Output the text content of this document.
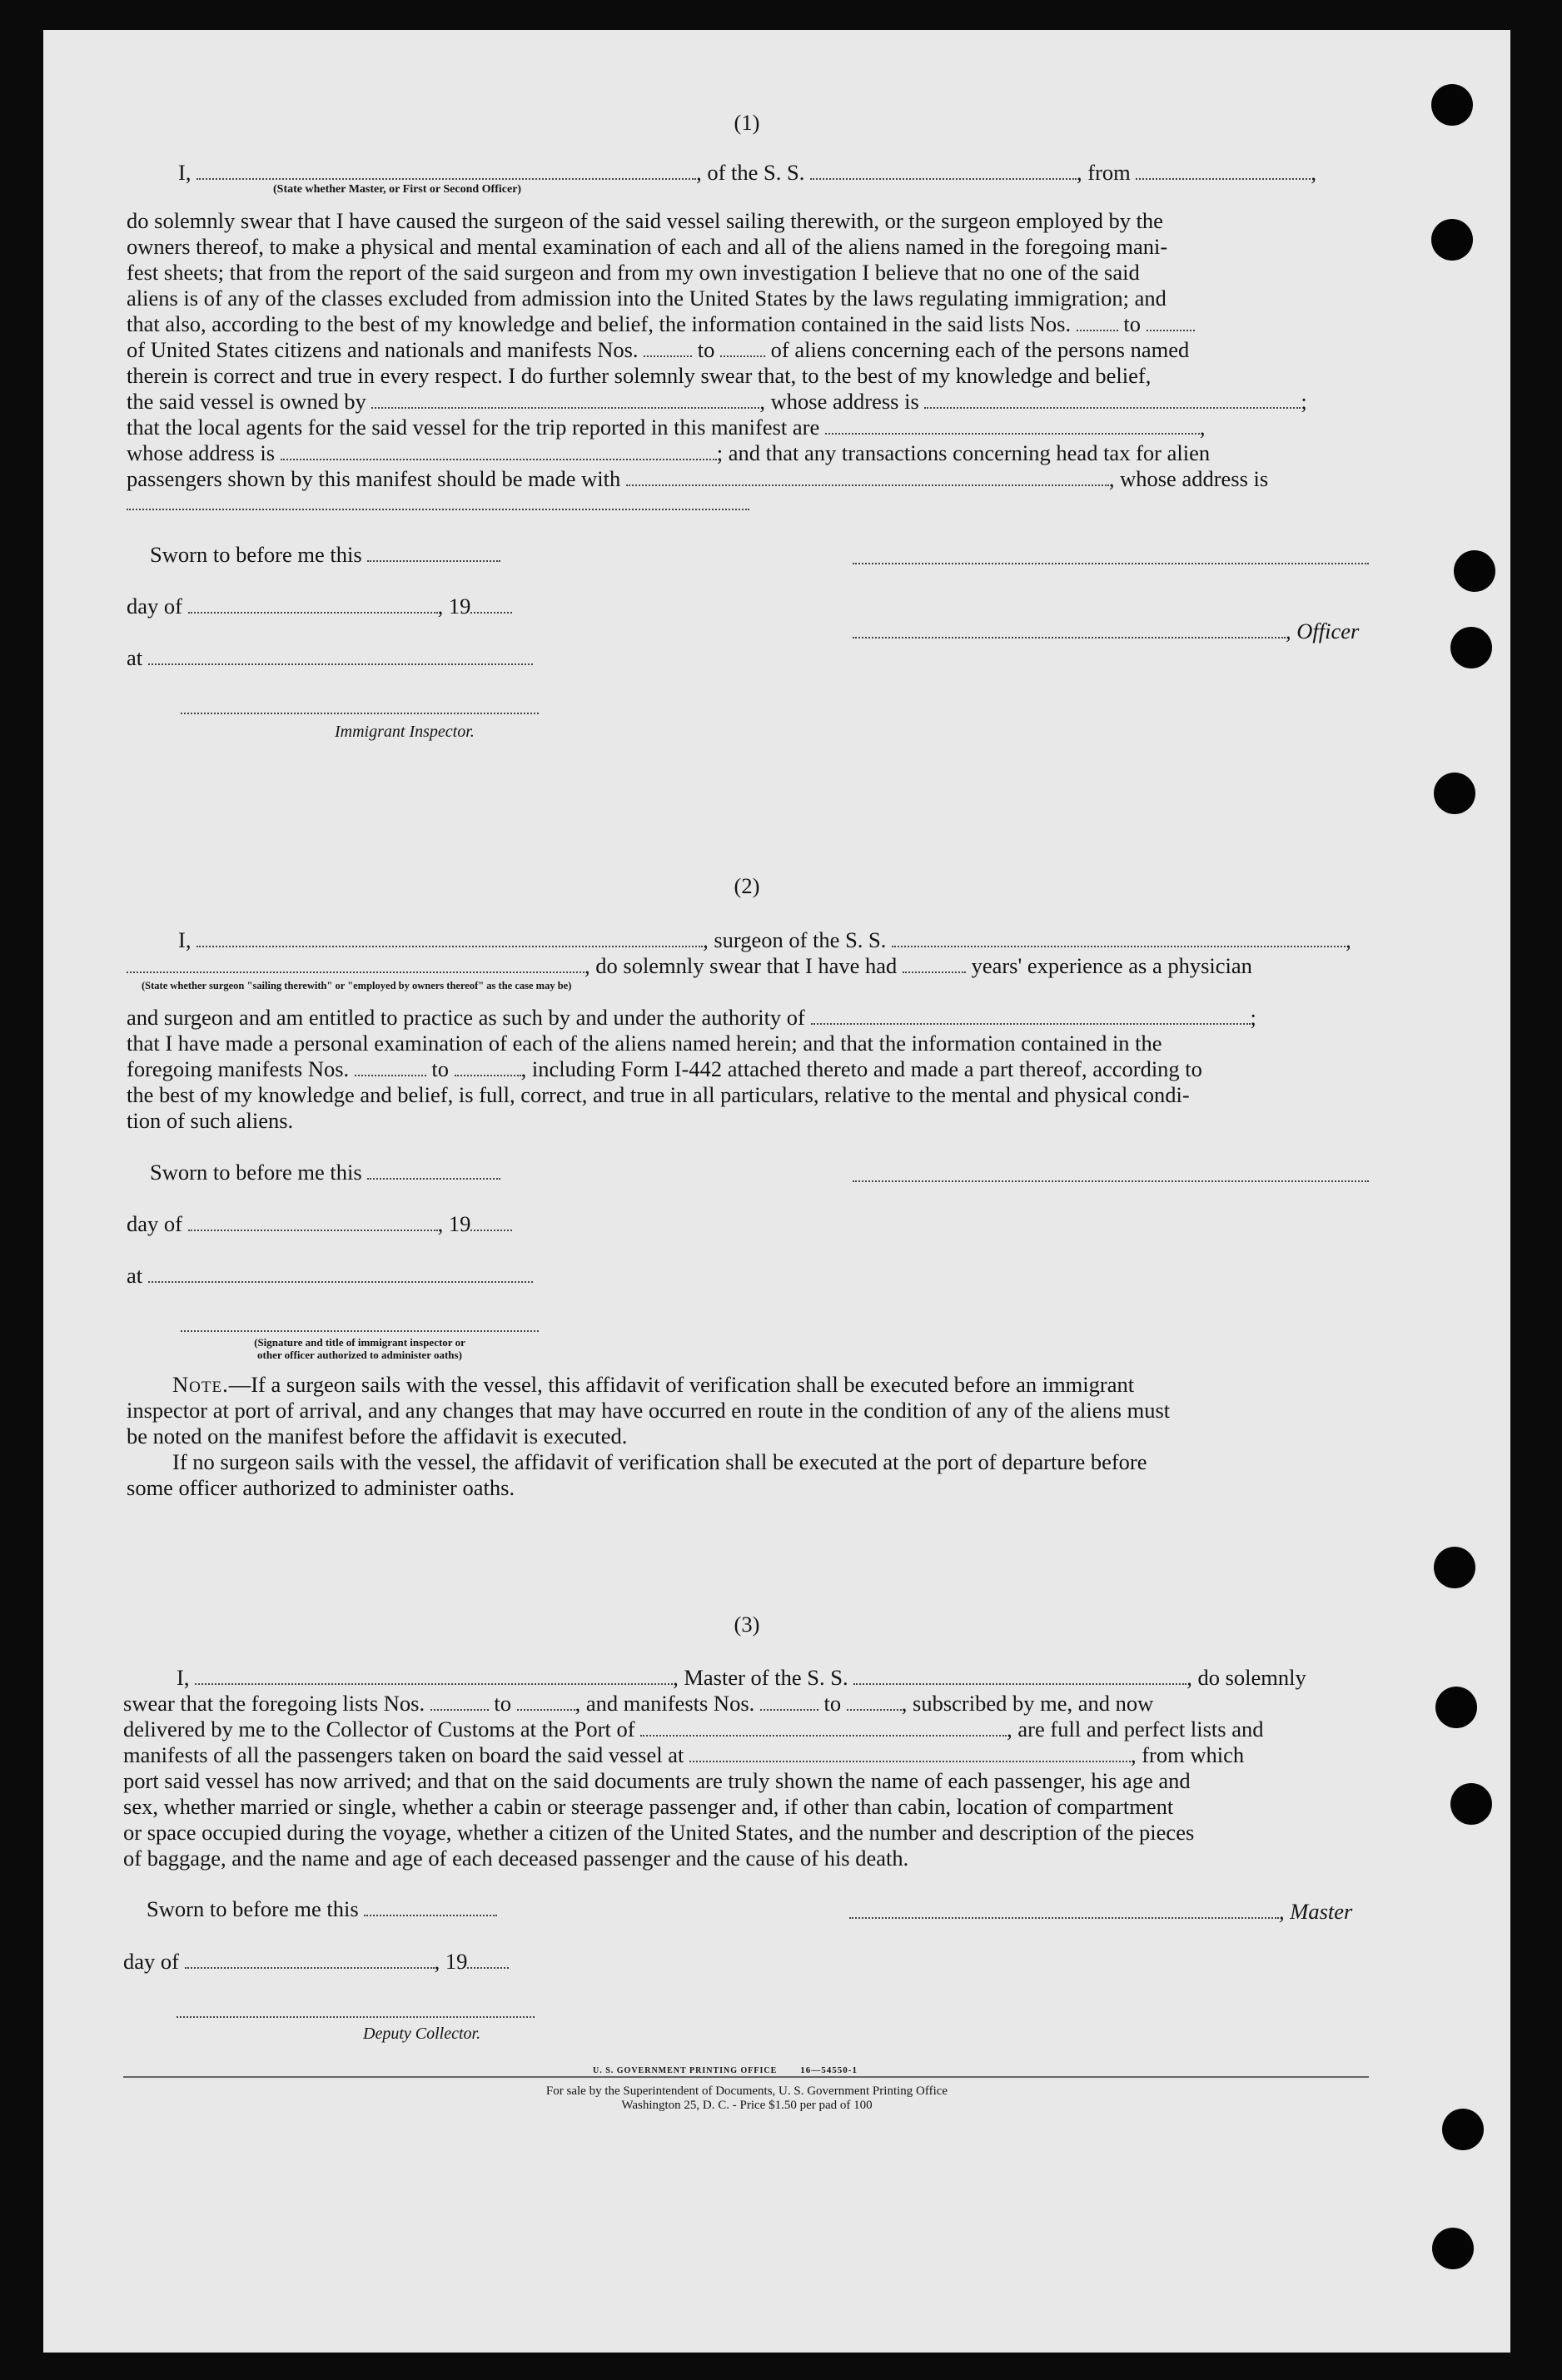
(1)
I,	, of the S. S.	, from	,
(State whether Master, or First or Second Officer)
do solemnly swear that I have caused the surgeon of the said vessel sailing therewith, or the surgeon employed by the
owners thereof, to make a physical and mental examination of each and all of the aliens named in the foregoing mani-
fest sheets; that from the report of the said surgeon and from my own investigation I believe that no one of the said
aliens is of any of the classes excluded from admission into the United States by the laws regulating immigration; and
that also, according to the best of my knowledge and belief, the information contained in the said lists Nos. to
of United States citizens and nationals and manifests Nos.	to	of aliens concerning each of the persons named
therein is correct and true in every respect. I do further solemnly swear that, to the best of my knowledge and belief,
the said vessel is owned by	, whose address is	;
that the local agents for the said vessel for the trip reported in this manifest are	,
whose address is	; and that any transactions concerning head tax for alien
passengers shown by this manifest should be made with	, whose address is
Sworn to before me this
day of	, 19
, Officer
at
Immigrant Inspector.
(2)
I,	, surgeon of the S. S.	,
, do solemnly swear that I have had	years' experience as a physician
(State whether surgeon "sailing therewith" or "employed by owners thereof" as the case may be)
and surgeon and am entitled to practice as such by and under the authority of	;
that I have made a personal examination of each of the aliens named herein; and that the information contained in the
foregoing manifests Nos.	to	, including Form I-442 attached thereto and made a part thereof, according to
the best of my knowledge and belief, is full, correct, and true in all particulars, relative to the mental and physical condi-
tion of such aliens.
Sworn to before me this
day of	, 19
at
(Signature and title of immigrant inspector or
other officer authorized to administer oaths)
Note.—If a surgeon sails with the vessel, this affidavit of verification shall be executed before an immigrant
inspector at port of arrival, and any changes that may have occurred en route in the condition of any of the aliens must
be noted on the manifest before the affidavit is executed.
If no surgeon sails with the vessel, the affidavit of verification shall be executed at the port of departure before
some officer authorized to administer oaths.
(3)
I,	, Master of the S. S.	, do solemnly
swear that the foregoing lists Nos.	to	, and manifests Nos.	to	, subscribed by me, and now
delivered by me to the Collector of Customs at the Port of	, are full and perfect lists and
manifests of all the passengers taken on board the said vessel at	, from which
port said vessel has now arrived; and that on the said documents are truly shown the name of each passenger, his age and
sex, whether married or single, whether a cabin or steerage passenger and, if other than cabin, location of compartment
or space occupied during the voyage, whether a citizen of the United States, and the number and description of the pieces
of baggage, and the name and age of each deceased passenger and the cause of his death.
Sworn to before me this	, Master
day of	, 19
Deputy Collector.
U. S. GOVERNMENT PRINTING OFFICE	16—54550-1
For sale by the Superintendent of Documents, U. S. Government Printing Office
Washington 25, D. C. - Price $1.50 per pad of 100
